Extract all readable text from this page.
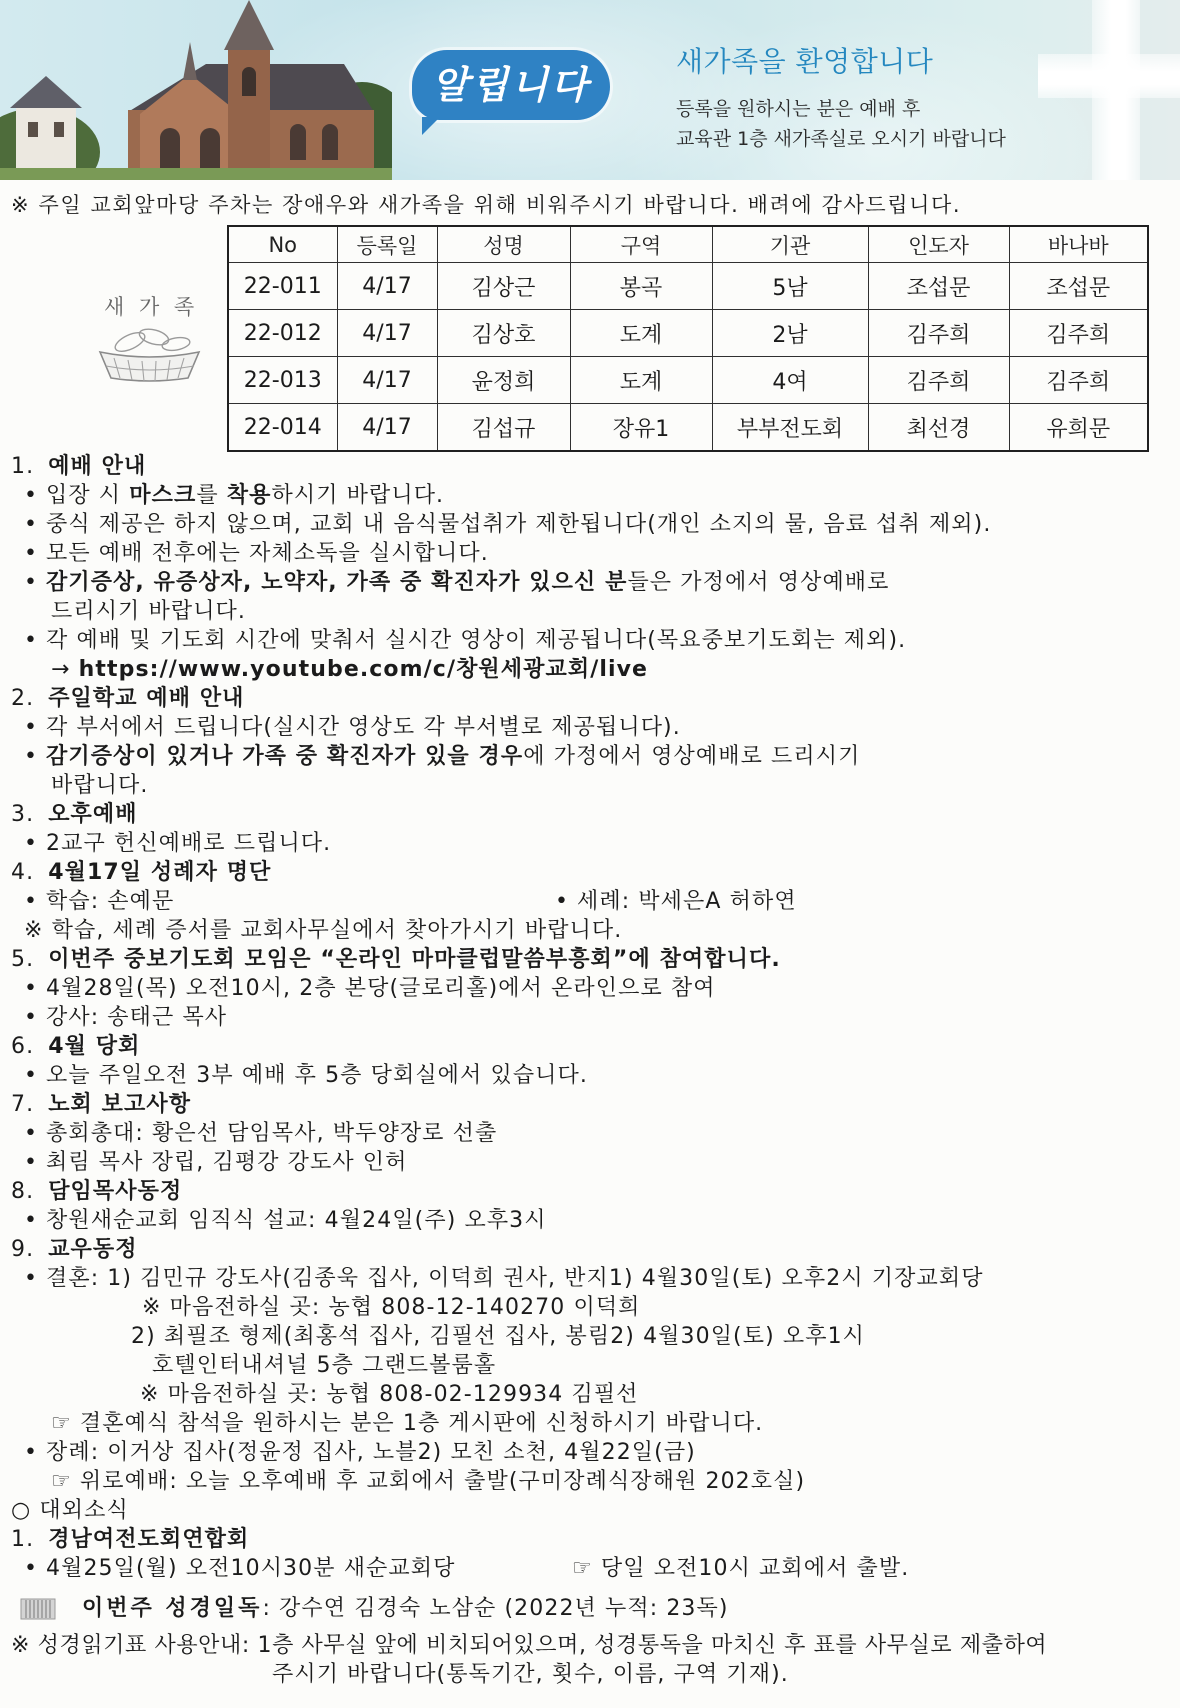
알립니다
새가족을 환영합니다
등록을 원하시는 분은 예배 후
교육관 1층 새가족실로 오시기 바랍니다
※ 주일 교회앞마당 주차는 장애우와 새가족을 위해 비워주시기 바랍니다. 배려에 감사드립니다.
새 가 족
No	등록일	성명	구역	기관	인도자	바나바
22-011	4/17	김상근	봉곡	5남	조섭문	조섭문
22-012	4/17	김상호	도계	2남	김주희	김주희
22-013	4/17	윤정희	도계	4여	김주희	김주희
22-014	4/17	김섭규	장유1	부부전도회	최선경	유희문
1. 예배 안내
• 입장 시 마스크를 착용하시기 바랍니다.
• 중식 제공은 하지 않으며, 교회 내 음식물섭취가 제한됩니다(개인 소지의 물, 음료 섭취 제외).
• 모든 예배 전후에는 자체소독을 실시합니다.
• 감기증상, 유증상자, 노약자, 가족 중 확진자가 있으신 분들은 가정에서 영상예배로
드리시기 바랍니다.
• 각 예배 및 기도회 시간에 맞춰서 실시간 영상이 제공됩니다(목요중보기도회는 제외).
→ https://www.youtube.com/c/창원세광교회/live
2. 주일학교 예배 안내
• 각 부서에서 드립니다(실시간 영상도 각 부서별로 제공됩니다).
• 감기증상이 있거나 가족 중 확진자가 있을 경우에 가정에서 영상예배로 드리시기
바랍니다.
3. 오후예배
• 2교구 헌신예배로 드립니다.
4. 4월17일 성례자 명단
• 학습: 손예문	• 세례: 박세은A 허하연
※ 학습, 세례 증서를 교회사무실에서 찾아가시기 바랍니다.
5. 이번주 중보기도회 모임은 “온라인 마마클럽말씀부흥회”에 참여합니다.
• 4월28일(목) 오전10시, 2층 본당(글로리홀)에서 온라인으로 참여
• 강사: 송태근 목사
6. 4월 당회
• 오늘 주일오전 3부 예배 후 5층 당회실에서 있습니다.
7. 노회 보고사항
• 총회총대: 황은선 담임목사, 박두양장로 선출
• 최림 목사 장립, 김평강 강도사 인허
8. 담임목사동정
• 창원새순교회 임직식 설교: 4월24일(주) 오후3시
9. 교우동정
• 결혼: 1) 김민규 강도사(김종욱 집사, 이덕희 권사, 반지1) 4월30일(토) 오후2시 기장교회당
※ 마음전하실 곳: 농협 808-12-140270 이덕희
2) 최필조 형제(최홍석 집사, 김필선 집사, 봉림2) 4월30일(토) 오후1시
호텔인터내셔널 5층 그랜드볼룸홀
※ 마음전하실 곳: 농협 808-02-129934 김필선
☞ 결혼예식 참석을 원하시는 분은 1층 게시판에 신청하시기 바랍니다.
• 장례: 이거상 집사(정윤정 집사, 노블2) 모친 소천, 4월22일(금)
☞ 위로예배: 오늘 오후예배 후 교회에서 출발(구미장례식장해원 202호실)
○ 대외소식
1. 경남여전도회연합회
• 4월25일(월) 오전10시30분 새순교회당	☞ 당일 오전10시 교회에서 출발.
이번주 성경일독: 강수연 김경숙 노삼순 (2022년 누적: 23독)
※ 성경읽기표 사용안내: 1층 사무실 앞에 비치되어있으며, 성경통독을 마치신 후 표를 사무실로 제출하여
주시기 바랍니다(통독기간, 횟수, 이름, 구역 기재).
